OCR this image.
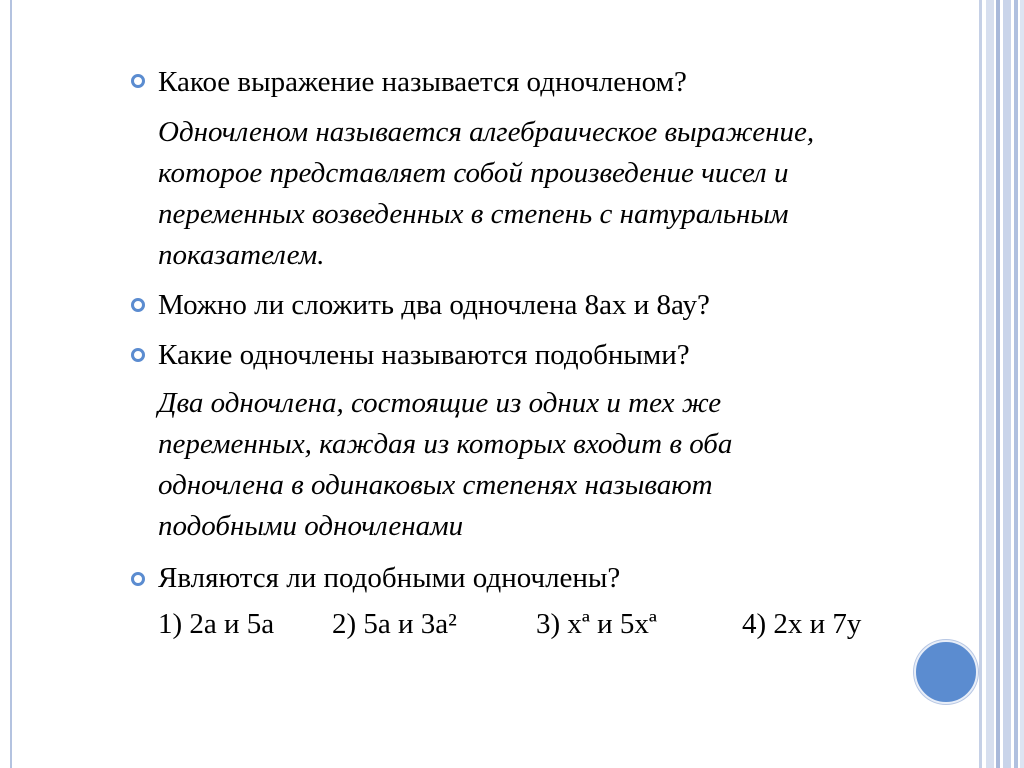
Какое выражение называется одночленом?
Одночленом называется алгебраическое выражение,
которое представляет собой произведение чисел и
переменных возведенных в степень с натуральным
показателем.
Можно ли сложить два одночлена 8ах и 8ау?
Какие одночлены называются подобными?
Два одночлена, состоящие из одних и тех же
переменных, каждая из которых входит в оба
одночлена в одинаковых степенях называют
подобными одночленами
Являются ли подобными одночлены?
1) 2а и 5а 2) 5а и 3а²	3) хª и 5хª	4) 2х и 7у
